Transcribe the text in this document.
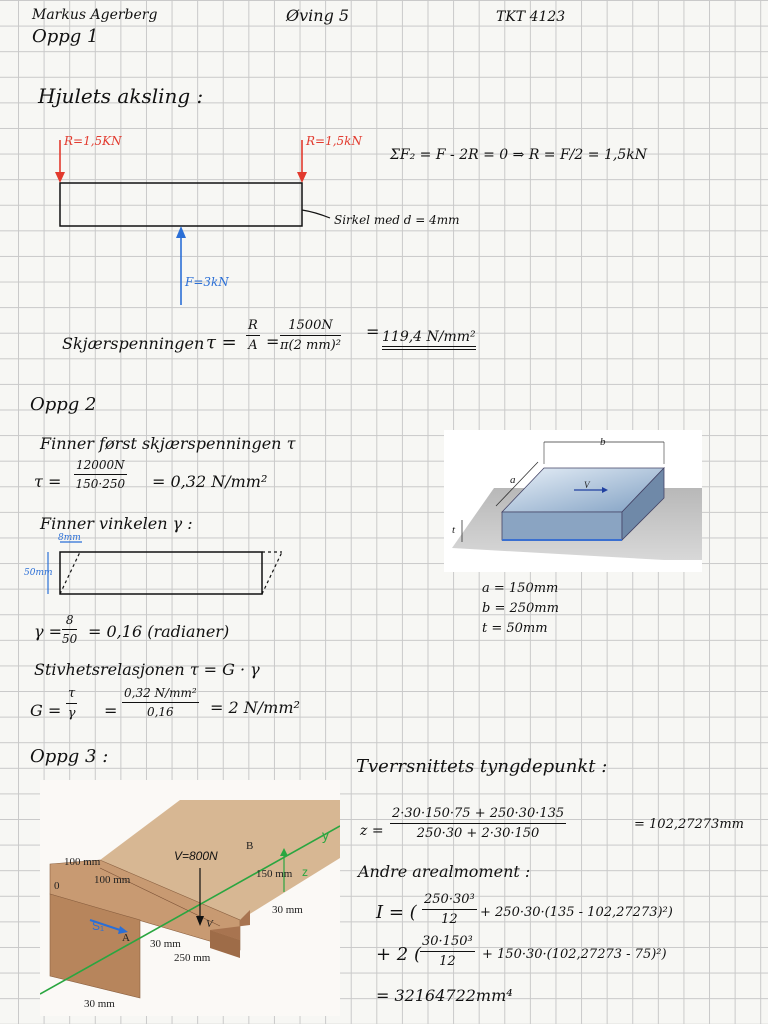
Markus Agerberg
Oppg 1
Øving 5	TKT 4123
Hjulets aksling :
R=1,5KN	R=1,5kN
F=3kN
ΣF₂ = F - 2R = 0 ⇒ R = F/2 = 1,5kN
Sirkel med d = 4mm
Skjærspenningen $\tau = \frac{R}{A} = \frac{1500N}{\text{π(2 mm)²}} = 119,4$ N/mm²
Oppg 2
Finner først skjærspenningen τ
$\tau = \frac{12000N}{150\cdot 250} = 0,32$ N/mm²
Finner vinkelen γ :
8mm
50mm
$\gamma = \frac{8}{50} = 0,16$ (radianer)
Stivhetsrelasjonen τ = G · γ
$G = \frac{\tau}{\gamma} = \frac{\text{0,32 N/mm²}}{0,16} = 2$ N/mm²
b
a	V
t
a = 150mm
b = 250mm
t = 50mm
Oppg 3 :
100 mm
100 mm
0
V=800N
B
150 mm z
y
30 mm
V
A
S₁
30 mm
250 mm
30 mm
Tverrsnittets tyngdepunkt :
$z = \frac{2\cdot 30\cdot 150\cdot 75 + 250\cdot 30\cdot 135}{250\cdot 30 + 2\cdot 30\cdot 150}$	= 102,27273mm
Andre arealmoment :
I = ( $\frac{\text{250·30³}}{12} + 250\cdot 30\cdot(135 - 102,27273)^2$)
+ 2 ( $\frac{\text{30·150³}}{12} + 150\cdot 30\cdot(102,27273 - 75)^2$)
= 32164722mm⁴
